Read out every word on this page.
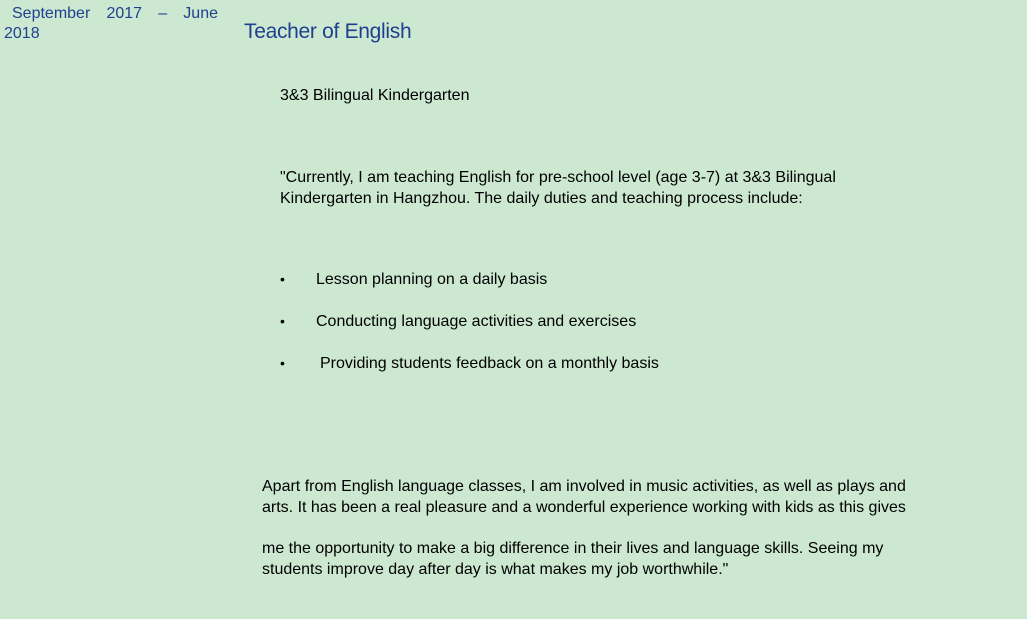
September 2017 – June
2018	Teacher of English
3&3 Bilingual Kindergarten

"Currently, I am teaching English for pre-school level (age 3-7) at 3&3 Bilingual
Kindergarten in Hangzhou. The daily duties and teaching process include:

• Lesson planning on a daily basis
• Conducting language activities and exercises
• Providing students feedback on a monthly basis

Apart from English language classes, I am involved in music activities, as well as plays and
arts. It has been a real pleasure and a wonderful experience working with kids as this gives
me the opportunity to make a big difference in their lives and language skills. Seeing my
students improve day after day is what makes my job worthwhile."
